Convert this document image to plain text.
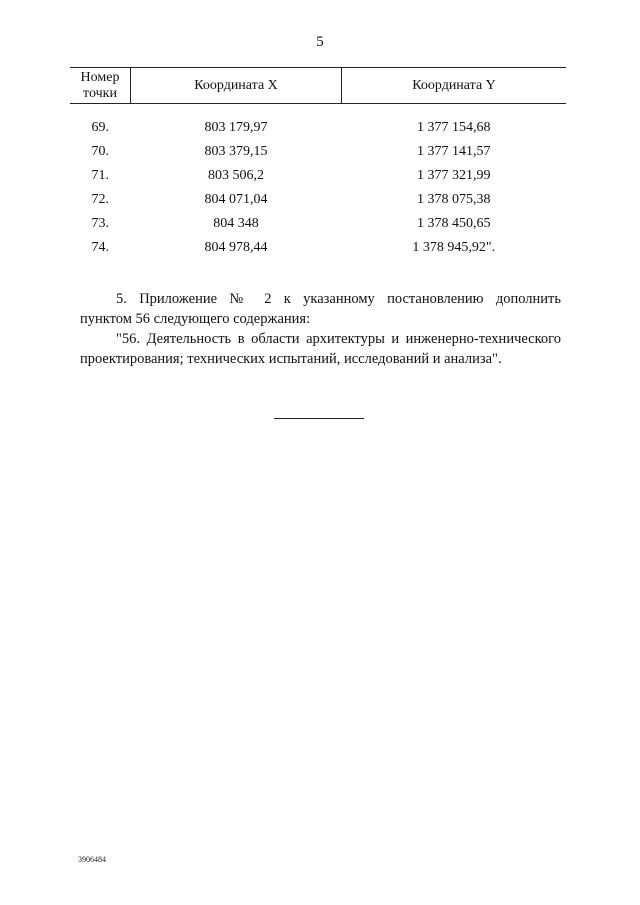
5
Номер
точки	Координата X	Координата Y

69.	803 179,97	1 377 154,68
70.	803 379,15	1 377 141,57
71.	803 506,2	1 377 321,99
72.	804 071,04	1 378 075,38
73.	804 348	1 378 450,65
74.	804 978,44	1 378 945,92".
5. Приложение № 2 к указанному постановлению дополнить
пунктом 56 следующего содержания:
"56. Деятельность в области архитектуры и инженерно-технического
проектирования; технических испытаний, исследований и анализа".
3906484
